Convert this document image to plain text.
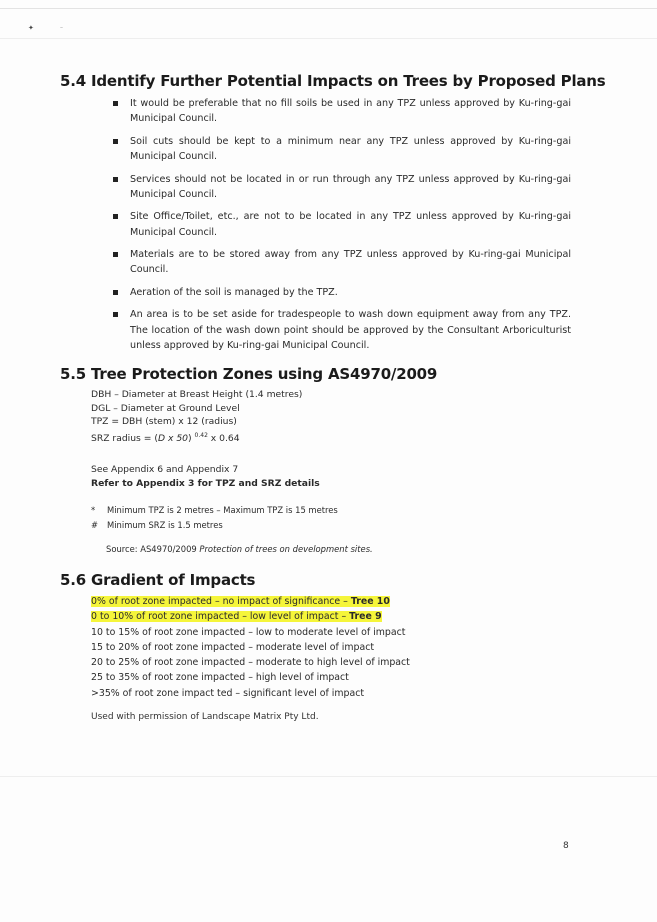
✦	–
5.4 Identify Further Potential Impacts on Trees by Proposed Plans
It would be preferable that no fill soils be used in any TPZ unless approved by Ku-ring-gai Municipal Council.
Soil cuts should be kept to a minimum near any TPZ unless approved by Ku-ring-gai Municipal Council.
Services should not be located in or run through any TPZ unless approved by Ku-ring-gai Municipal Council.
Site Office/Toilet, etc., are not to be located in any TPZ unless approved by Ku-ring-gai Municipal Council.
Materials are to be stored away from any TPZ unless approved by Ku-ring-gai Municipal Council.
Aeration of the soil is managed by the TPZ.
An area is to be set aside for tradespeople to wash down equipment away from any TPZ. The location of the wash down point should be approved by the Consultant Arboriculturist unless approved by Ku-ring-gai Municipal Council.
5.5 Tree Protection Zones using AS4970/2009
DBH – Diameter at Breast Height (1.4 metres)
DGL – Diameter at Ground Level
TPZ = DBH (stem) x 12 (radius)
SRZ radius = (D x 50) $^{0.42}$ x 0.64
See Appendix 6 and Appendix 7
Refer to Appendix 3 for TPZ and SRZ details
* Minimum TPZ is 2 metres – Maximum TPZ is 15 metres
# Minimum SRZ is 1.5 metres
Source: AS4970/2009 Protection of trees on development sites.
5.6 Gradient of Impacts
0% of root zone impacted – no impact of significance – Tree 10
0 to 10% of root zone impacted – low level of impact – Tree 9
10 to 15% of root zone impacted – low to moderate level of impact
15 to 20% of root zone impacted – moderate level of impact
20 to 25% of root zone impacted – moderate to high level of impact
25 to 35% of root zone impacted – high level of impact
>35% of root zone impact ted – significant level of impact
Used with permission of Landscape Matrix Pty Ltd.
8
